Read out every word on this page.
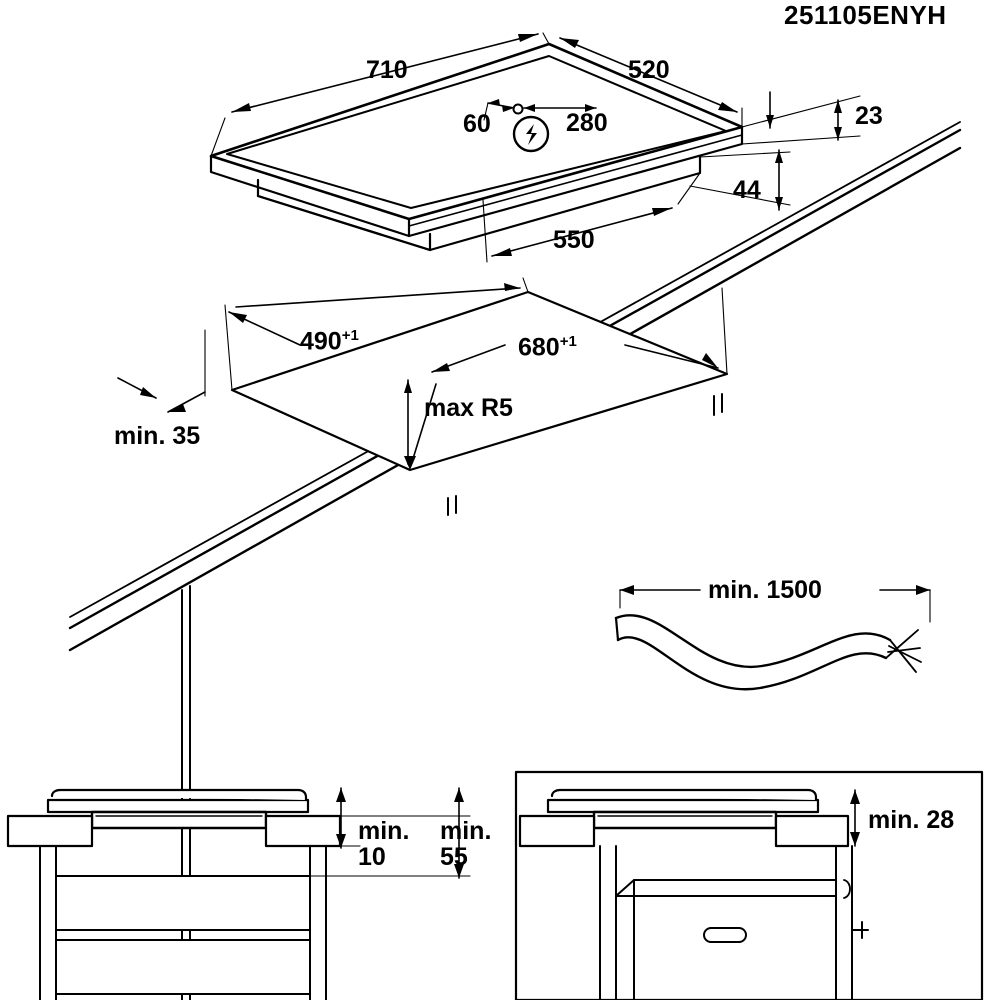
251105ENYH
710	520
60	280	23
44
550
$490^{+1}$	$680^{+1}$
max R5
min. 35
min. 1500
min.
10
min.
55
min. 28
